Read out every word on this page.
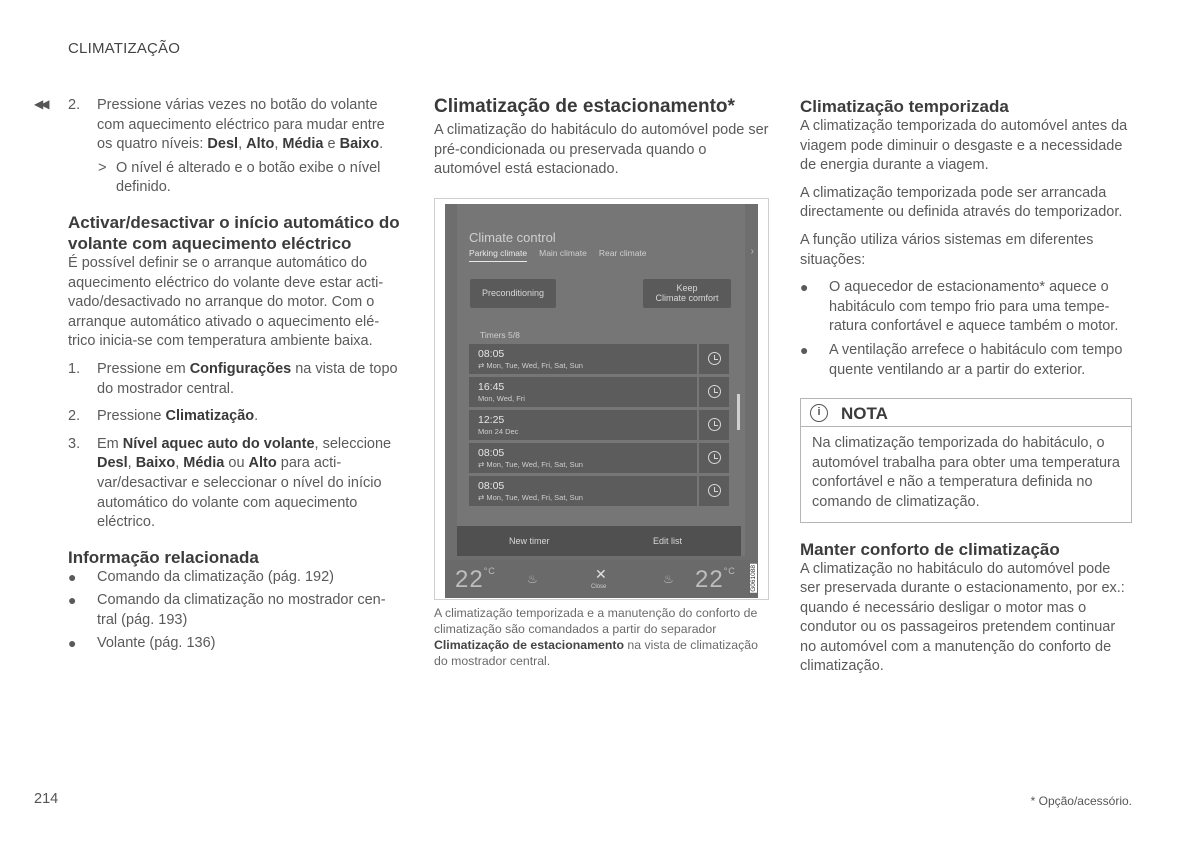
CLIMATIZAÇÃO
◀◀ 2. Pressione várias vezes no botão do volante com aquecimento eléctrico para mudar entre os quatro níveis: Desl, Alto, Média e Baixo.

> O nível é alterado e o botão exibe o nível definido.

Activar/desactivar o início automático do volante com aquecimento eléctrico

É possível definir se o arranque automático do aquecimento eléctrico do volante deve estar activado/desactivado no arranque do motor. Com o arranque automático ativado o aquecimento elétrico inicia-se com temperatura ambiente baixa.

1. Pressione em Configurações na vista de topo do mostrador central.

2. Pressione Climatização.

3. Em Nível aquec auto do volante, seleccione Desl, Baixo, Média ou Alto para activar/desactivar e seleccionar o nível do início automático do volante com aquecimento eléctrico.

Informação relacionada

● Comando da climatização (pág. 192)

● Comando da climatização no mostrador central (pág. 193)

● Volante (pág. 136)

Climatização de estacionamento*

A climatização do habitáculo do automóvel pode ser pré-condicionada ou preservada quando o automóvel está estacionado.

Climate control
Parking climate Main climate Rear climate	›
Preconditioning	Keep
Climate comfort
Timers 5/8
08:05
⇄ Mon, Tue, Wed, Fri, Sat, Sun
16:45
Mon, Wed, Fri
12:25
Mon 24 Dec
08:05
⇄ Mon, Tue, Wed, Fri, Sat, Sun
08:05
⇄ Mon, Tue, Wed, Fri, Sat, Sun
New timer	Edit list
$22^{^\circ C}$
♨	✕
Close
♨ $22^{^\circ C}$ G061088

A climatização temporizada e a manutenção do conforto de climatização são comandados a partir do separador Climatização de estacionamento na vista de climatização do mostrador central.

Climatização temporizada

A climatização temporizada do automóvel antes da viagem pode diminuir o desgaste e a necessidade de energia durante a viagem.

A climatização temporizada pode ser arrancada directamente ou definida através do temporizador.

A função utiliza vários sistemas em diferentes situações:

● O aquecedor de estacionamento* aquece o habitáculo com tempo frio para uma temperatura confortável e aquece também o motor.

● A ventilação arrefece o habitáculo com tempo quente ventilando ar a partir do exterior.

i	NOTA

Na climatização temporizada do habitáculo, o automóvel trabalha para obter uma temperatura confortável e não a temperatura definida no comando de climatização.

Manter conforto de climatização

A climatização no habitáculo do automóvel pode ser preservada durante o estacionamento, por ex.: quando é necessário desligar o motor mas o condutor ou os passageiros pretendem continuar no automóvel com a manutenção do conforto de climatização.

214	* Opção/acessório.
